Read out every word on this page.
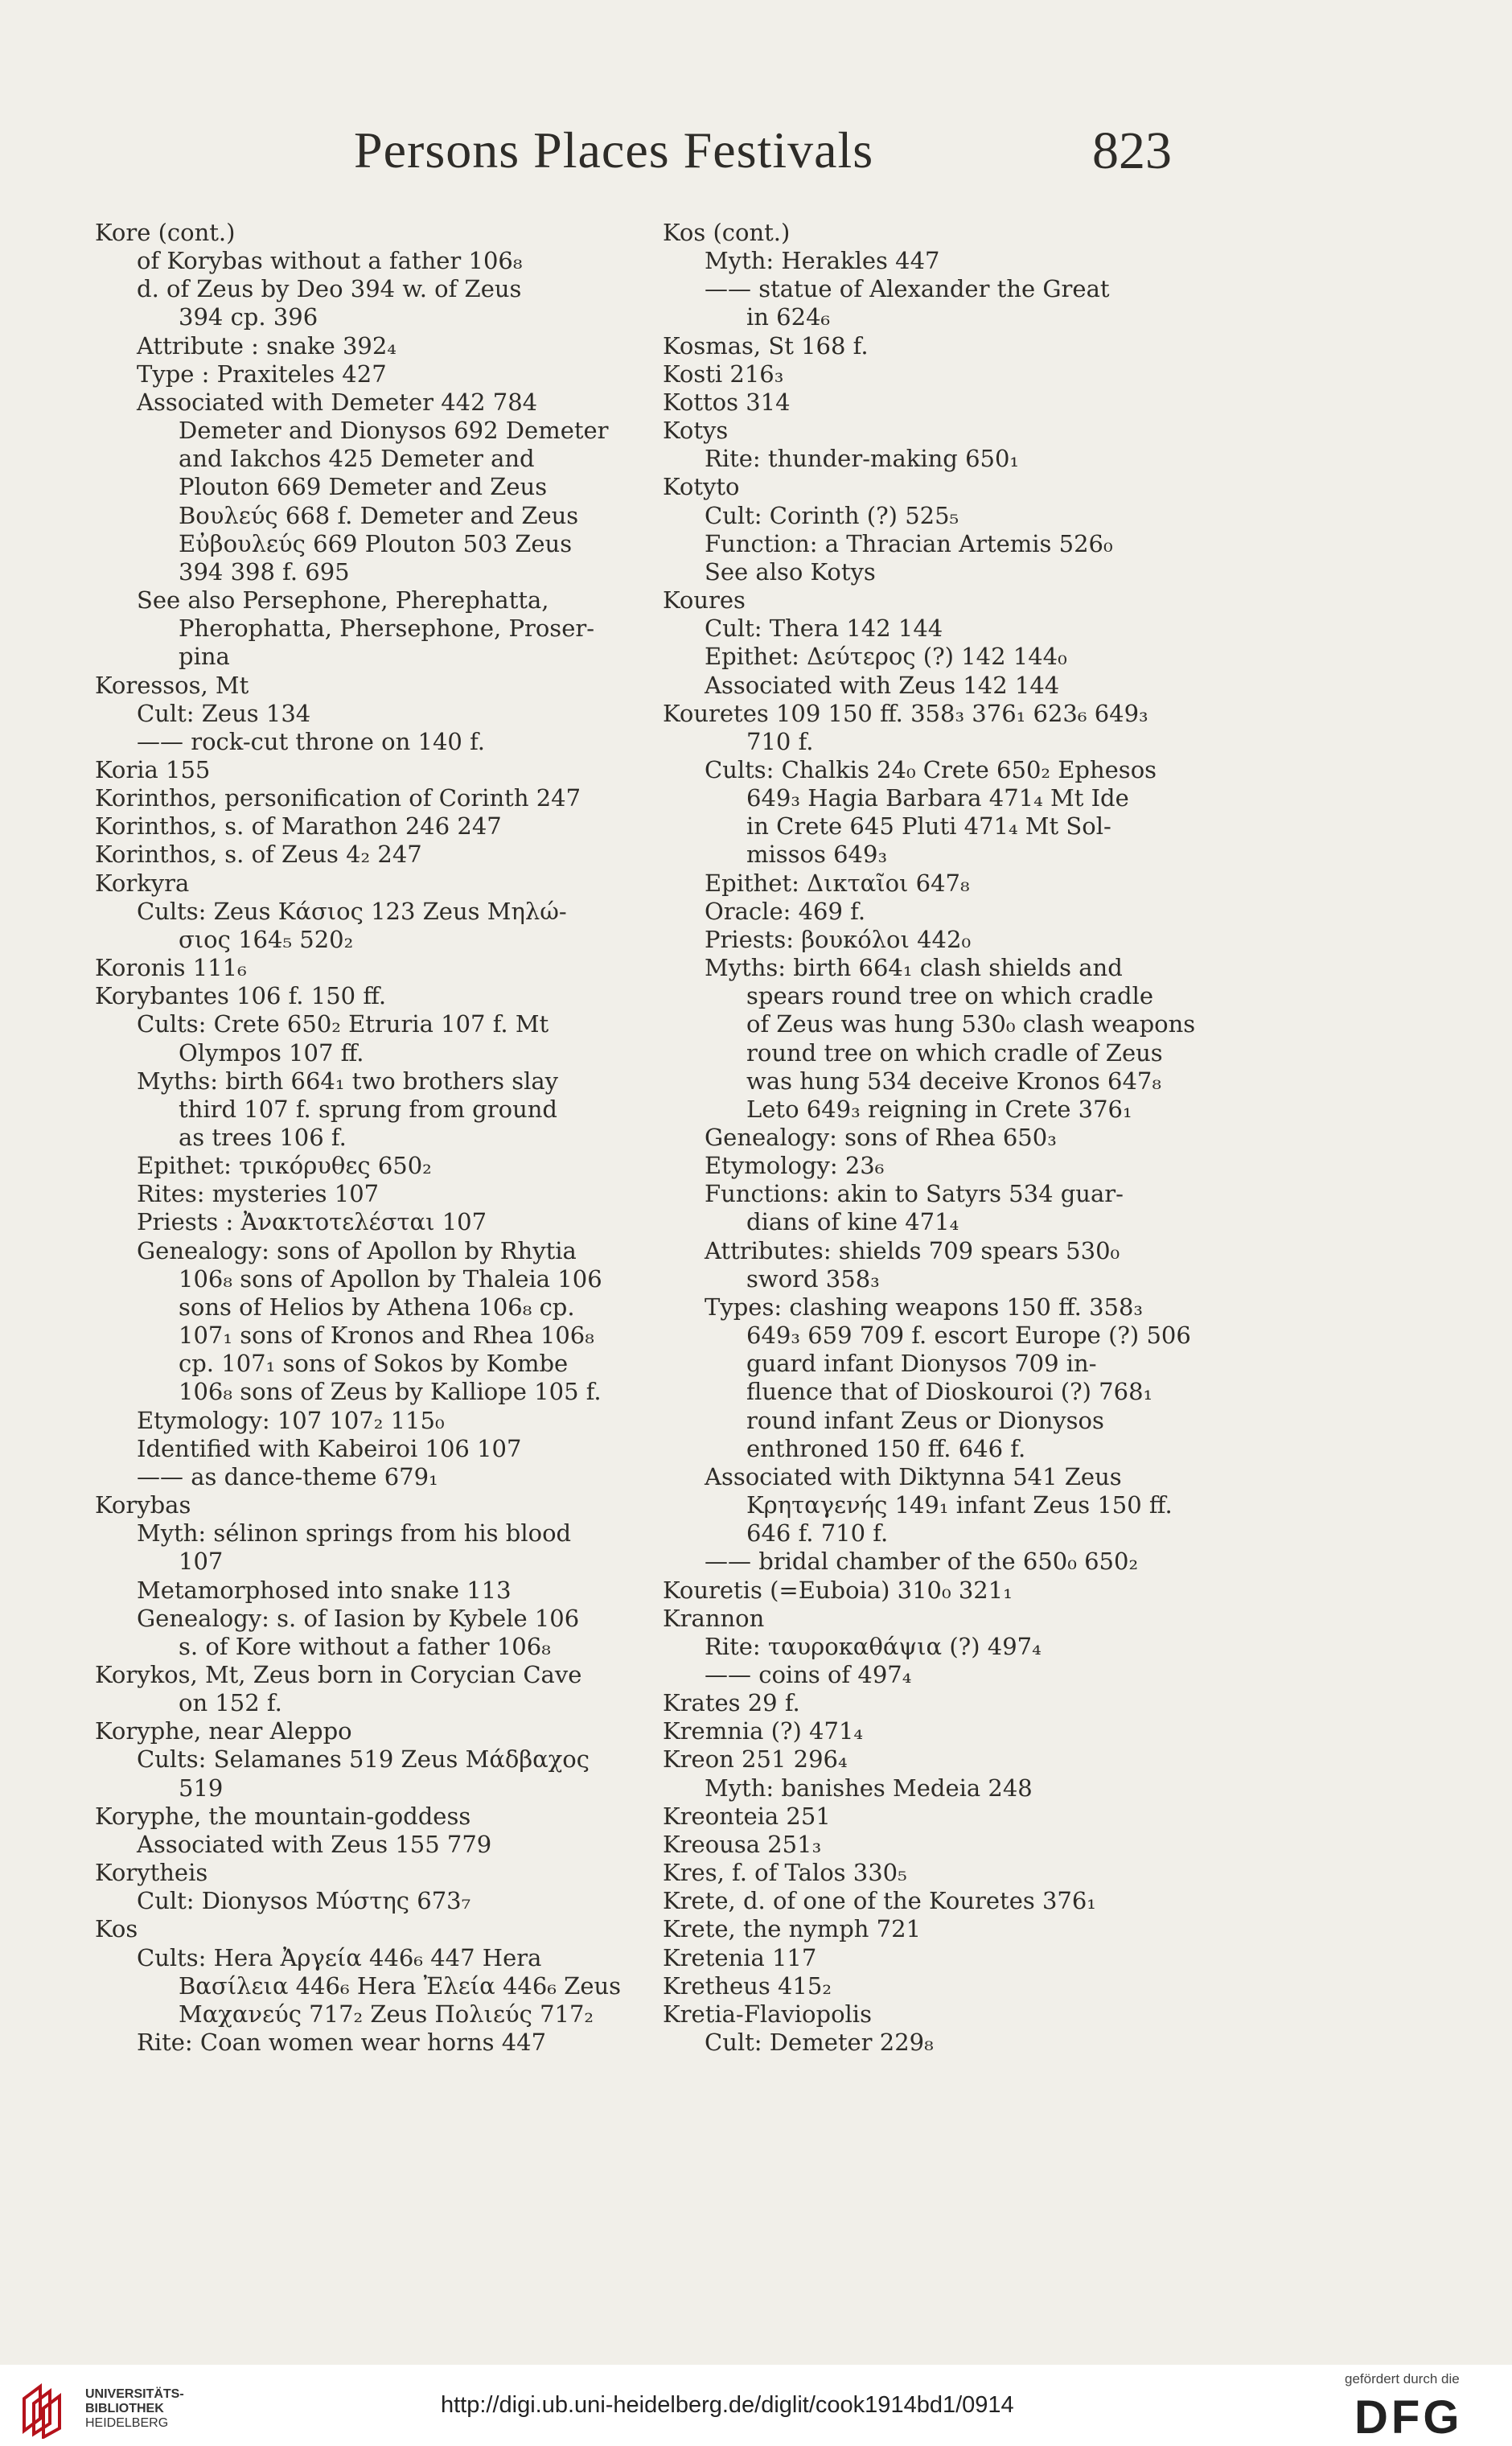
Persons Places Festivals	823
Kore (cont.)
of Korybas without a father 106₈
d. of Zeus by Deo 394 w. of Zeus
394 cp. 396
Attribute : snake 392₄
Type : Praxiteles 427
Associated with Demeter 442 784
Demeter and Dionysos 692 Demeter
and Iakchos 425 Demeter and
Plouton 669 Demeter and Zeus
Βουλεύς 668 f. Demeter and Zeus
Εὐβουλεύς 669 Plouton 503 Zeus
394 398 f. 695
See also Persephone, Pherephatta,
Pherophatta, Phersephone, Proser-
pina
Koressos, Mt
Cult: Zeus 134
—— rock-cut throne on 140 f.
Koria 155
Korinthos, personification of Corinth 247
Korinthos, s. of Marathon 246 247
Korinthos, s. of Zeus 4₂ 247
Korkyra
Cults: Zeus Κάσιος 123 Zeus Μηλώ-
σιος 164₅ 520₂
Koronis 111₆
Korybantes 106 f. 150 ff.
Cults: Crete 650₂ Etruria 107 f. Mt
Olympos 107 ff.
Myths: birth 664₁ two brothers slay
third 107 f. sprung from ground
as trees 106 f.
Epithet: τρικόρυθες 650₂
Rites: mysteries 107
Priests : Ἀνακτοτελέσται 107
Genealogy: sons of Apollon by Rhytia
106₈ sons of Apollon by Thaleia 106
sons of Helios by Athena 106₈ cp.
107₁ sons of Kronos and Rhea 106₈
cp. 107₁ sons of Sokos by Kombe
106₈ sons of Zeus by Kalliope 105 f.
Etymology: 107 107₂ 115₀
Identified with Kabeiroi 106 107
—— as dance-theme 679₁
Korybas
Myth: sélinon springs from his blood
107
Metamorphosed into snake 113
Genealogy: s. of Iasion by Kybele 106
s. of Kore without a father 106₈
Korykos, Mt, Zeus born in Corycian Cave
on 152 f.
Koryphe, near Aleppo
Cults: Selamanes 519 Zeus Μάδβαχος
519
Koryphe, the mountain-goddess
Associated with Zeus 155 779
Korytheis
Cult: Dionysos Μύστης 673₇
Kos
Cults: Hera Ἀργεία 446₆ 447 Hera
Βασίλεια 446₆ Hera Ἐλεία 446₆ Zeus
Μαχανεύς 717₂ Zeus Πολιεύς 717₂
Rite: Coan women wear horns 447
Kos (cont.)
Myth: Herakles 447
—— statue of Alexander the Great
in 624₆
Kosmas, St 168 f.
Kosti 216₃
Kottos 314
Kotys
Rite: thunder-making 650₁
Kotyto
Cult: Corinth (?) 525₅
Function: a Thracian Artemis 526₀
See also Kotys
Koures
Cult: Thera 142 144
Epithet: Δεύτερος (?) 142 144₀
Associated with Zeus 142 144
Kouretes 109 150 ff. 358₃ 376₁ 623₆ 649₃
710 f.
Cults: Chalkis 24₀ Crete 650₂ Ephesos
649₃ Hagia Barbara 471₄ Mt Ide
in Crete 645 Pluti 471₄ Mt Sol-
missos 649₃
Epithet: Δικταῖοι 647₈
Oracle: 469 f.
Priests: βουκόλοι 442₀
Myths: birth 664₁ clash shields and
spears round tree on which cradle
of Zeus was hung 530₀ clash weapons
round tree on which cradle of Zeus
was hung 534 deceive Kronos 647₈
Leto 649₃ reigning in Crete 376₁
Genealogy: sons of Rhea 650₃
Etymology: 23₆
Functions: akin to Satyrs 534 guar-
dians of kine 471₄
Attributes: shields 709 spears 530₀
sword 358₃
Types: clashing weapons 150 ff. 358₃
649₃ 659 709 f. escort Europe (?) 506
guard infant Dionysos 709 in-
fluence that of Dioskouroi (?) 768₁
round infant Zeus or Dionysos
enthroned 150 ff. 646 f.
Associated with Diktynna 541 Zeus
Κρηταγενής 149₁ infant Zeus 150 ff.
646 f. 710 f.
—— bridal chamber of the 650₀ 650₂
Kouretis (=Euboia) 310₀ 321₁
Krannon
Rite: ταυροκαθάψια (?) 497₄
—— coins of 497₄
Krates 29 f.
Kremnia (?) 471₄
Kreon 251 296₄
Myth: banishes Medeia 248
Kreonteia 251
Kreousa 251₃
Kres, f. of Talos 330₅
Krete, d. of one of the Kouretes 376₁
Krete, the nymph 721
Kretenia 117
Kretheus 415₂
Kretia-Flaviopolis
Cult: Demeter 229₈
UNIVERSITÄTS-
BIBLIOTHEK
HEIDELBERG
http://digi.ub.uni-heidelberg.de/diglit/cook1914bd1/0914
gefördert durch die
DFG
